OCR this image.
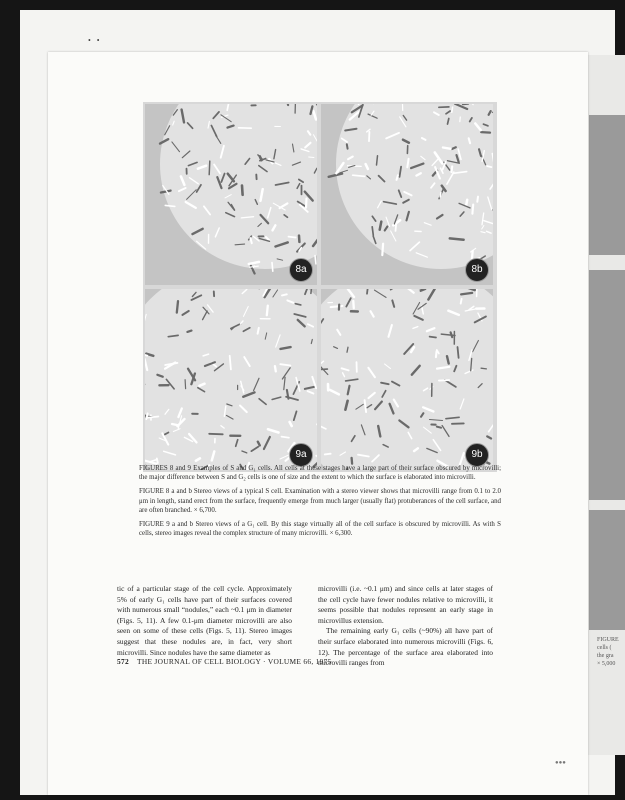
•   •
FIGURE
cells (
the gra
× 5,000
8a	8b
9a	9b

FIGURES 8 and 9 Examples of S and G₁ cells. All cells at these stages have a large part of their surface obscured by microvilli; the major difference between S and G₂ cells is one of size and the extent to which the surface is elaborated into microvilli.

FIGURE 8 a and b Stereo views of a typical S cell. Examination with a stereo viewer shows that microvilli range from 0.1 to 2.0 μm in length, stand erect from the surface, frequently emerge from much larger (usually flat) protuberances of the cell surface, and are often branched. × 6,700.

FIGURE 9 a and b Stereo views of a G₁ cell. By this stage virtually all of the cell surface is obscured by microvilli. As with S cells, stereo images reveal the complex structure of many microvilli. × 6,300.

tic of a particular stage of the cell cycle. Approximately 5% of early G₁ cells have part of their surfaces covered with numerous small “nodules,” each ~0.1 μm in diameter (Figs. 5, 11). A few 0.1-μm diameter microvilli are also seen on some of these cells (Figs. 5, 11). Stereo images suggest that these nodules are, in fact, very short microvilli. Since nodules have the same diameter as

microvilli (i.e. ~0.1 μm) and since cells at later stages of the cell cycle have fewer nodules relative to microvilli, it seems possible that nodules represent an early stage in microvillus extension.

The remaining early G₁ cells (~90%) all have part of their surface elaborated into numerous microvilli (Figs. 6, 12). The percentage of the surface area elaborated into microvilli ranges from

572 THE JOURNAL OF CELL BIOLOGY · VOLUME 66, 1975
●●●
